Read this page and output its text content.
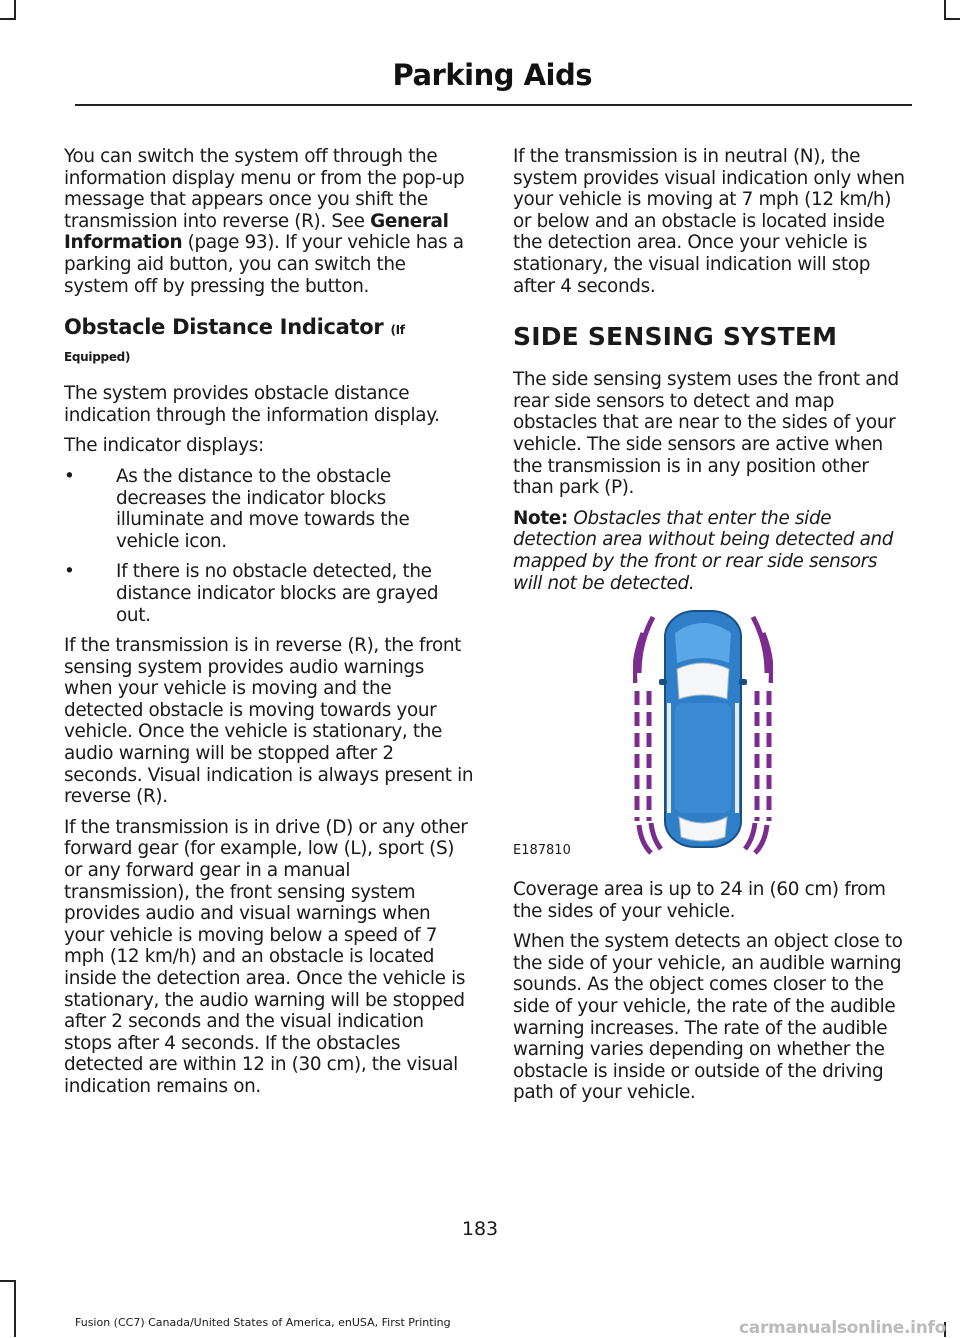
Parking Aids

You can switch the system off through the information display menu or from the pop-up message that appears once you shift the transmission into reverse (R). See General Information (page 93). If your vehicle has a parking aid button, you can switch the system off by pressing the button.

Obstacle Distance Indicator (If Equipped)

The system provides obstacle distance indication through the information display.

The indicator displays:

• As the distance to the obstacle decreases the indicator blocks illuminate and move towards the vehicle icon.
• If there is no obstacle detected, the distance indicator blocks are grayed out.

If the transmission is in reverse (R), the front sensing system provides audio warnings when your vehicle is moving and the detected obstacle is moving towards your vehicle. Once the vehicle is stationary, the audio warning will be stopped after 2 seconds. Visual indication is always present in reverse (R).

If the transmission is in drive (D) or any other forward gear (for example, low (L), sport (S) or any forward gear in a manual transmission), the front sensing system provides audio and visual warnings when your vehicle is moving below a speed of 7 mph (12 km/h) and an obstacle is located inside the detection area. Once the vehicle is stationary, the audio warning will be stopped after 2 seconds and the visual indication stops after 4 seconds. If the obstacles detected are within 12 in (30 cm), the visual indication remains on.

If the transmission is in neutral (N), the system provides visual indication only when your vehicle is moving at 7 mph (12 km/h) or below and an obstacle is located inside the detection area. Once your vehicle is stationary, the visual indication will stop after 4 seconds.

SIDE SENSING SYSTEM

The side sensing system uses the front and rear side sensors to detect and map obstacles that are near to the sides of your vehicle. The side sensors are active when the transmission is in any position other than park (P).

Note: Obstacles that enter the side detection area without being detected and mapped by the front or rear side sensors will not be detected.

E187810

Coverage area is up to 24 in (60 cm) from the sides of your vehicle.

When the system detects an object close to the side of your vehicle, an audible warning sounds. As the object comes closer to the side of your vehicle, the rate of the audible warning increases. The rate of the audible warning varies depending on whether the obstacle is inside or outside of the driving path of your vehicle.

183
Fusion (CC7) Canada/United States of America, enUSA, First Printing	carmanualsonline.info
